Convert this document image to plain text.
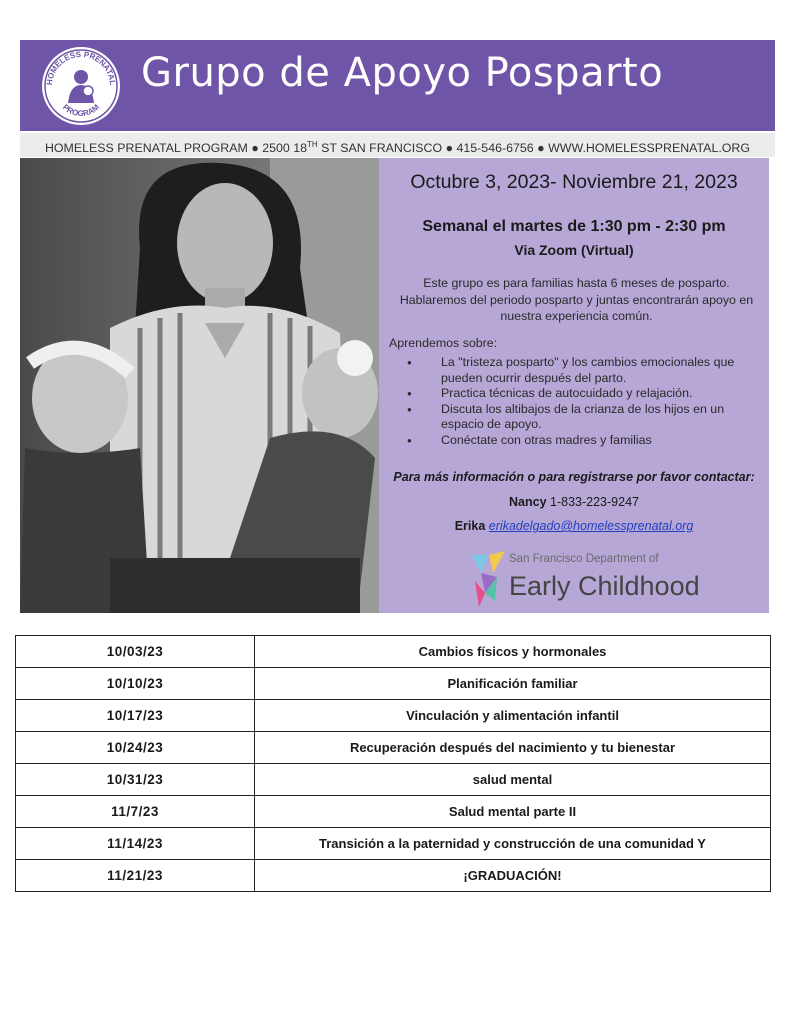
HOMELESS PRENATAL
PROGRAM
Grupo de Apoyo Posparto
HOMELESS PRENATAL PROGRAM ● 2500 18TH ST SAN FRANCISCO ● 415-546-6756 ● WWW.HOMELESSPRENATAL.ORG
Octubre 3, 2023- Noviembre 21, 2023
Semanal el martes de 1:30 pm - 2:30 pm
Via Zoom (Virtual)
Este grupo es para familias hasta 6 meses de posparto. Hablaremos del periodo posparto y juntas encontrarán apoyo en nuestra experiencia común.
Aprendemos sobre:
● La "tristeza posparto" y los cambios emocionales que pueden ocurrir después del parto.
● Practica técnicas de autocuidado y relajación.
● Discuta los altibajos de la crianza de los hijos en un espacio de apoyo.
● Conéctate con otras madres y familias
Para más información o para registrarse por favor contactar:
Nancy 1-833-223-9247
Erika erikadelgado@homelessprenatal.org
San Francisco Department of
Early Childhood
10/03/23	Cambios físicos y hormonales
10/10/23	Planificación familiar
10/17/23	Vinculación y alimentación infantil
10/24/23	Recuperación después del nacimiento y tu bienestar
10/31/23	salud mental
11/7/23	Salud mental parte II
11/14/23	Transición a la paternidad y construcción de una comunidad Y
11/21/23	¡GRADUACIÓN!
